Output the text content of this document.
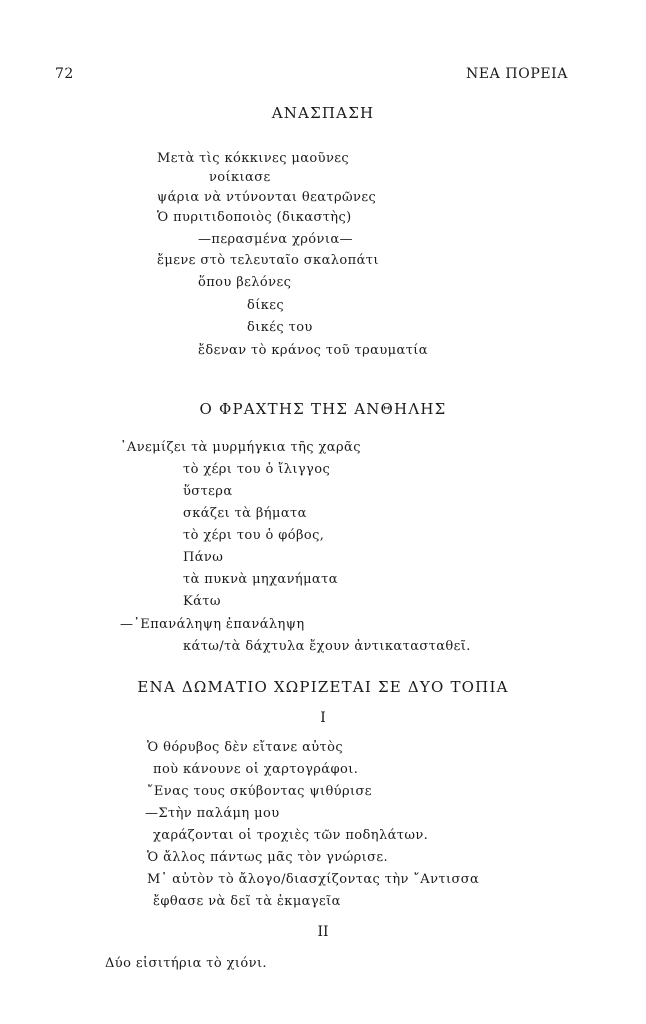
72	ΝΕΑ ΠΟΡΕΙΑ
ΑΝΑΣΠΑΣΗ
Μετὰ τὶς κόκκινες μαοῦνες
νοίκιασε
ψάρια νὰ ντύνονται θεατρῶνες
Ὁ πυριτιδοποιὸς (δικαστὴς)
—περασμένα χρόνια—
ἔμενε στὸ τελευταῖο σκαλοπάτι
ὅπου βελόνες
δίκες
δικές του
ἔδεναν τὸ κράνος τοῦ τραυματία
Ο ΦΡΑΧΤΗΣ ΤΗΣ ΑΝΘΗΛΗΣ
᾿Ανεμίζει τὰ μυρμήγκια τῆς χαρᾶς
τὸ χέρι του ὁ ἴλιγγος
ὕστερα
σκάζει τὰ βήματα
τὸ χέρι του ὁ φόβος,
Πάνω
τὰ πυκνὰ μηχανήματα
Κάτω
—᾿Επανάληψη ἐπανάληψη
κάτω/τὰ δάχτυλα ἔχουν ἀντικατασταθεῖ.
ΕΝΑ ΔΩΜΑΤΙΟ ΧΩΡΙΖΕΤΑΙ ΣΕ ΔΥΟ ΤΟΠΙΑ
I
Ὁ θόρυβος δὲν εἴτανε αὐτὸς
ποὺ κάνουνε οἱ χαρτογράφοι.
῎Ενας τους σκύβοντας ψιθύρισε
—Στὴν παλάμη μου
χαράζονται οἱ τροχιὲς τῶν ποδηλάτων.
Ὁ ἄλλος πάντως μᾶς τὸν γνώρισε.
Μ᾿ αὐτὸν τὸ ἄλογο/διασχίζοντας τὴν ῎Αντισσα
ἔφθασε νὰ δεῖ τὰ ἐκμαγεῖα
II
Δύο εἰσιτήρια τὸ χιόνι.
